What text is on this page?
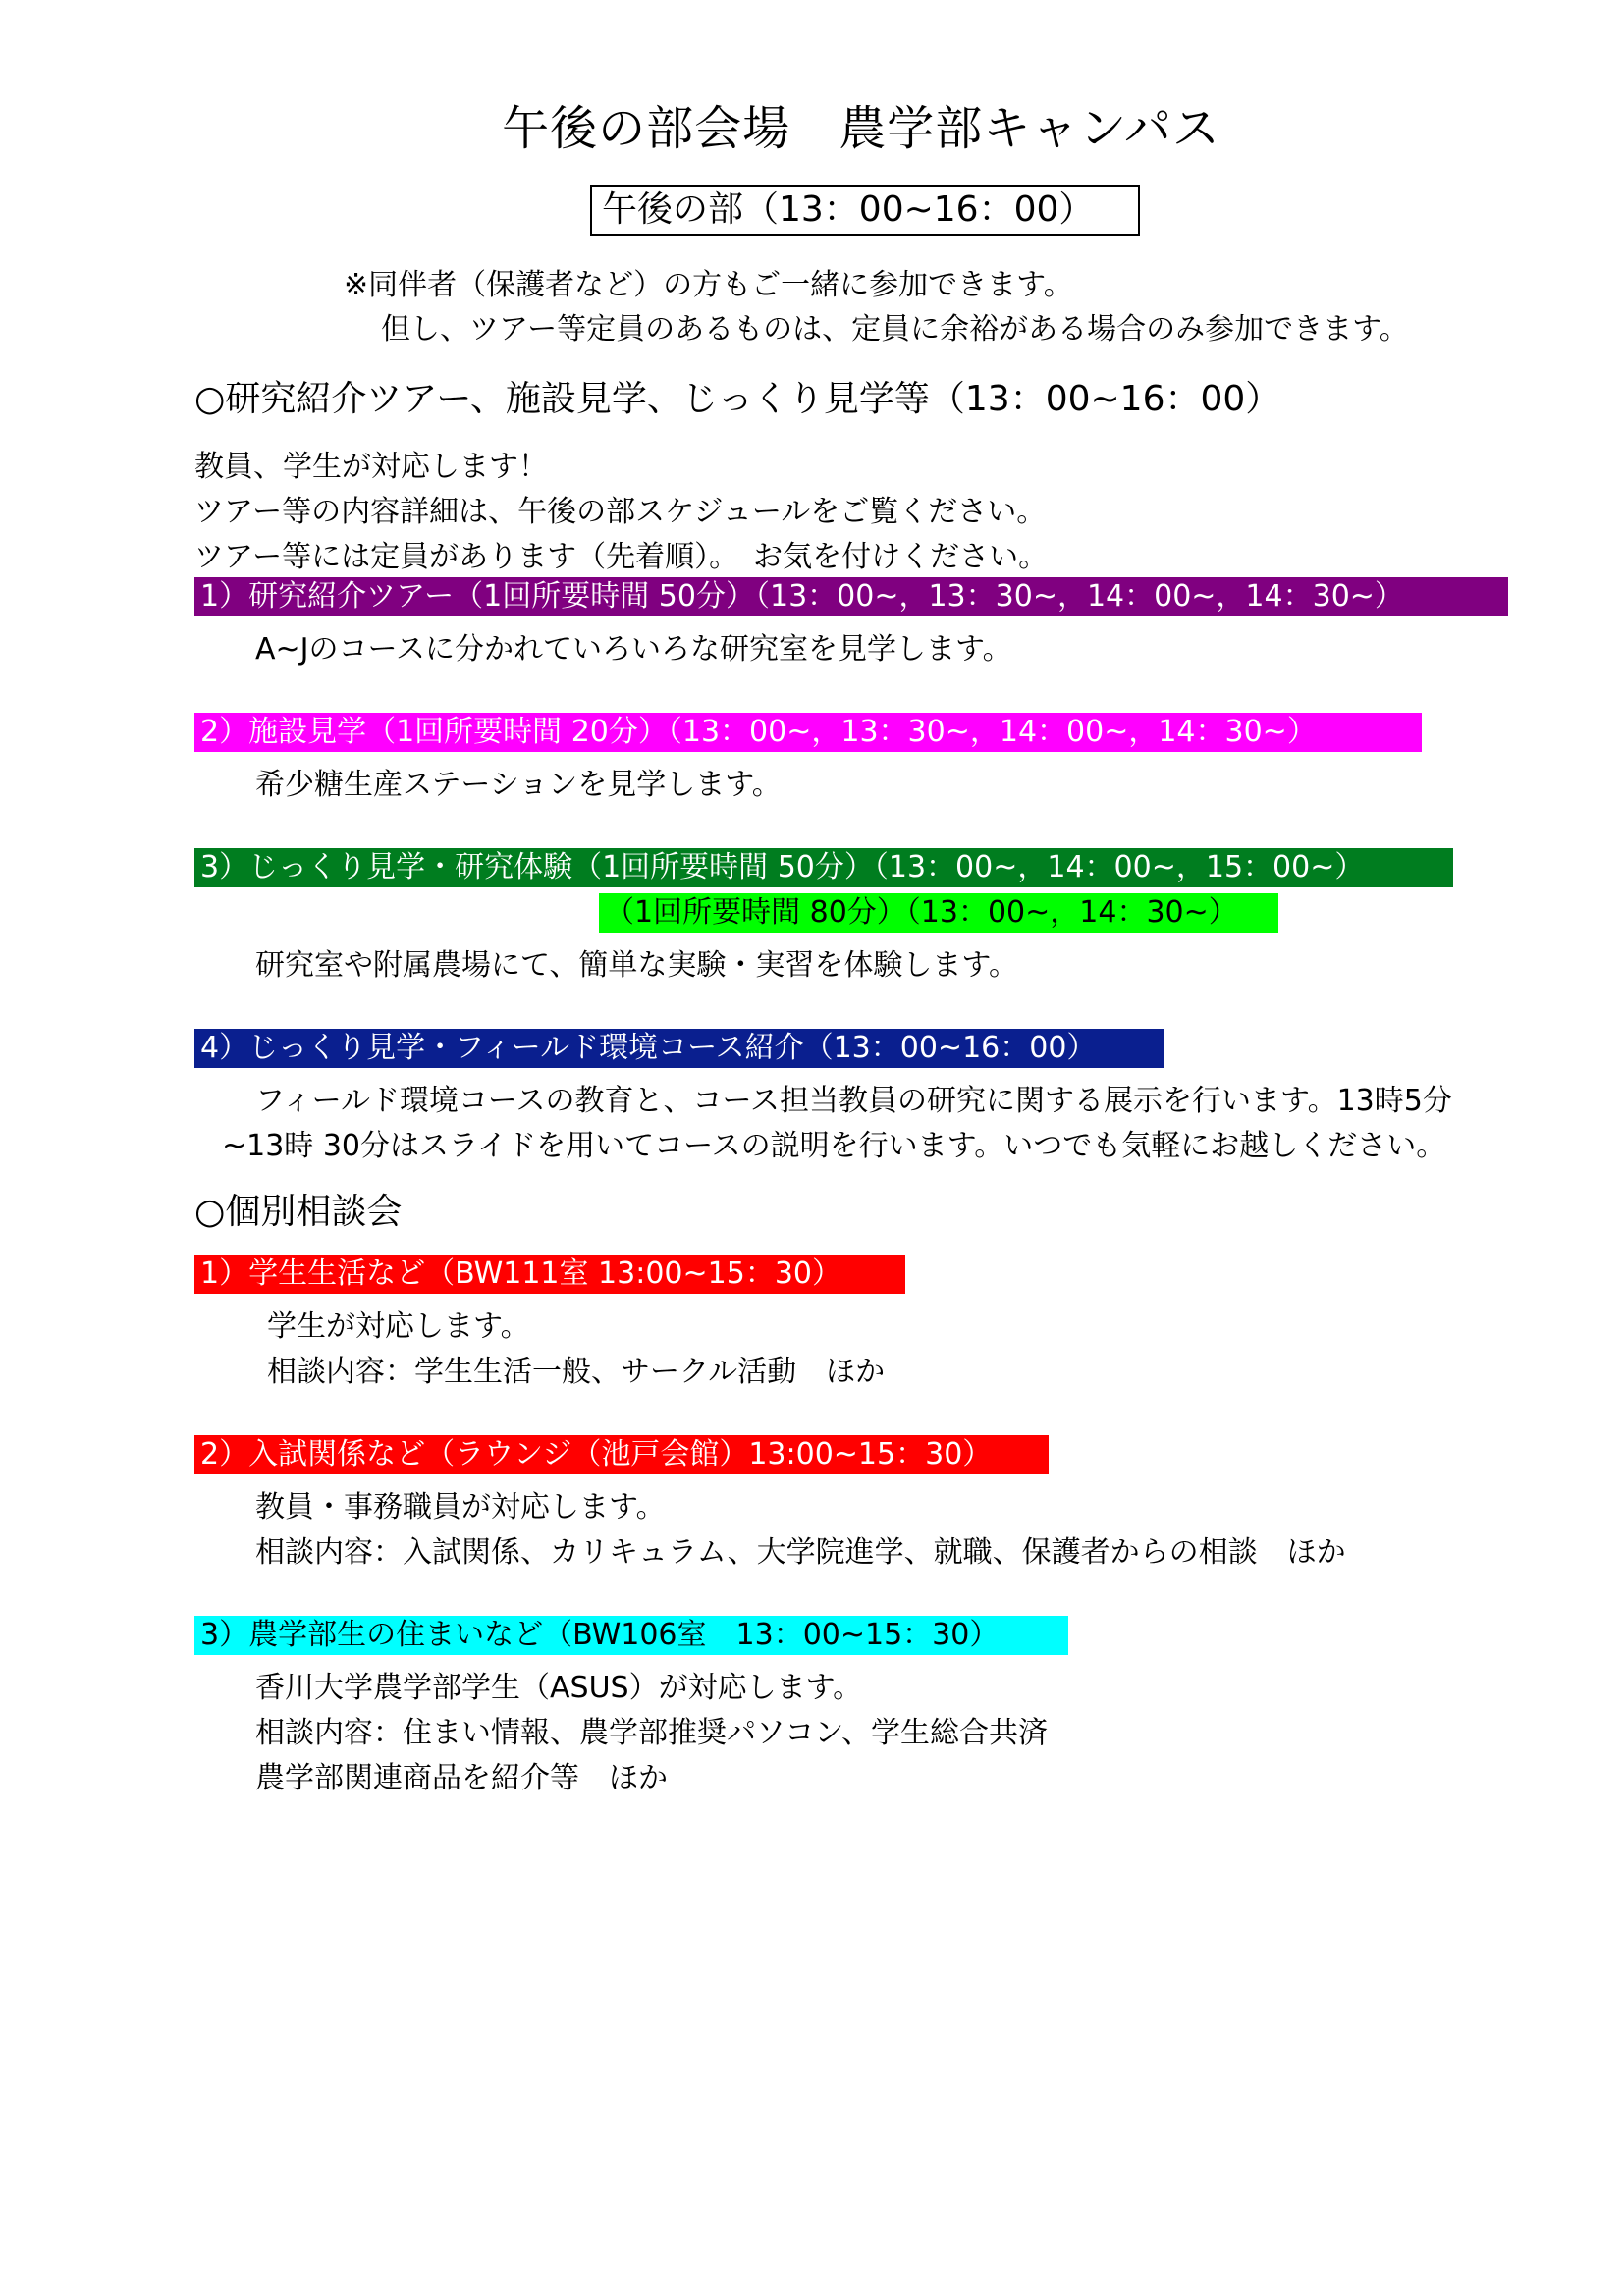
午後の部会場　 農学部キャンパス
午後の部（13：00~16：00）
※同伴者（保護者など）の方もご一緒に参加できます。
但し、ツアー等定員のあるものは、定員に余裕がある場合のみ参加できます。
○研究紹介ツアー、施設見学、じっくり見学等（13：00~16：00）
教員、学生が対応します！
ツアー等の内容詳細は、午後の部スケジュールをご覧ください。
ツアー等には定員があります（先着順）。　お気を付けください。
1）研究紹介ツアー（1回所要時間 50分）（13：00~，13：30~，14：00~，14：30~）
A~Jのコースに分かれていろいろな研究室を見学します。
2）施設見学（1回所要時間 20分）（13：00~，13：30~，14：00~，14：30~）
希少糖生産ステーションを見学します。
3）じっくり見学・研究体験（1回所要時間 50分）（13：00~，14：00~，15：00~）
（1回所要時間 80分）（13：00~，14：30~）
研究室や附属農場にて、簡単な実験・実習を体験します。
4）じっくり見学・フィールド環境コース紹介（13：00~16：00）
フィールド環境コースの教育と、コース担当教員の研究に関する展示を行います。13時5分
~13時 30分はスライドを用いてコースの説明を行います。いつでも気軽にお越しください。
○個別相談会
1）学生生活など（BW111室 13:00~15：30）
学生が対応します。
相談内容：学生生活一般、サークル活動　ほか
2）入試関係など（ラウンジ（池戸会館）13:00~15：30）
教員・事務職員が対応します。
相談内容：入試関係、カリキュラム、大学院進学、就職、保護者からの相談　ほか
3）農学部生の住まいなど（BW106室　13：00~15：30）
香川大学農学部学生（ASUS）が対応します。
相談内容：住まい情報、農学部推奨パソコン、学生総合共済
農学部関連商品を紹介等　ほか
